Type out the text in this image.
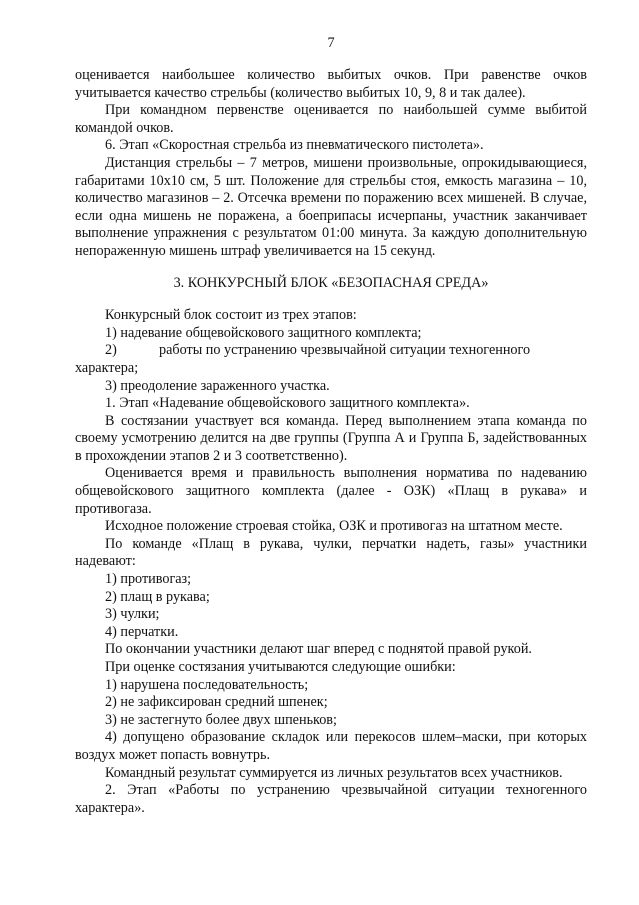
7

оценивается наибольшее количество выбитых очков. При равенстве очков учитывается качество стрельбы (количество выбитых 10, 9, 8 и так далее).

При командном первенстве оценивается по наибольшей сумме выбитой командой очков.

6. Этап «Скоростная стрельба из пневматического пистолета».

Дистанция стрельбы – 7 метров, мишени произвольные, опрокидывающиеся, габаритами 10х10 см, 5 шт. Положение для стрельбы стоя, емкость магазина – 10, количество магазинов – 2. Отсечка времени по поражению всех мишеней. В случае, если одна мишень не поражена, а боеприпасы исчерпаны, участник заканчивает выполнение упражнения с результатом 01:00 минута. За каждую дополнительную непораженную мишень штраф увеличивается на 15 секунд.

3. КОНКУРСНЫЙ БЛОК «БЕЗОПАСНАЯ СРЕДА»

Конкурсный блок состоит из трех этапов:

1) надевание общевойскового защитного комплекта;

2)	работы по устранению чрезвычайной ситуации техногенного характера;

3) преодоление зараженного участка.

1. Этап «Надевание общевойскового защитного комплекта».

В состязании участвует вся команда. Перед выполнением этапа команда по своему усмотрению делится на две группы (Группа А и Группа Б, задействованных в прохождении этапов 2 и 3 соответственно).

Оценивается время и правильность выполнения норматива по надеванию общевойскового защитного комплекта (далее - ОЗК) «Плащ в рукава» и противогаза.

Исходное положение строевая стойка, ОЗК и противогаз на штатном месте.

По команде «Плащ в рукава, чулки, перчатки надеть, газы» участники надевают:

1) противогаз;

2) плащ в рукава;

3) чулки;

4) перчатки.

По окончании участники делают шаг вперед с поднятой правой рукой.

При оценке состязания учитываются следующие ошибки:

1) нарушена последовательность;

2) не зафиксирован средний шпенек;

3) не застегнуто более двух шпеньков;

4) допущено образование складок или перекосов шлем–маски, при которых воздух может попасть вовнутрь.

Командный результат суммируется из личных результатов всех участников.

2. Этап «Работы по устранению чрезвычайной ситуации техногенного характера».
